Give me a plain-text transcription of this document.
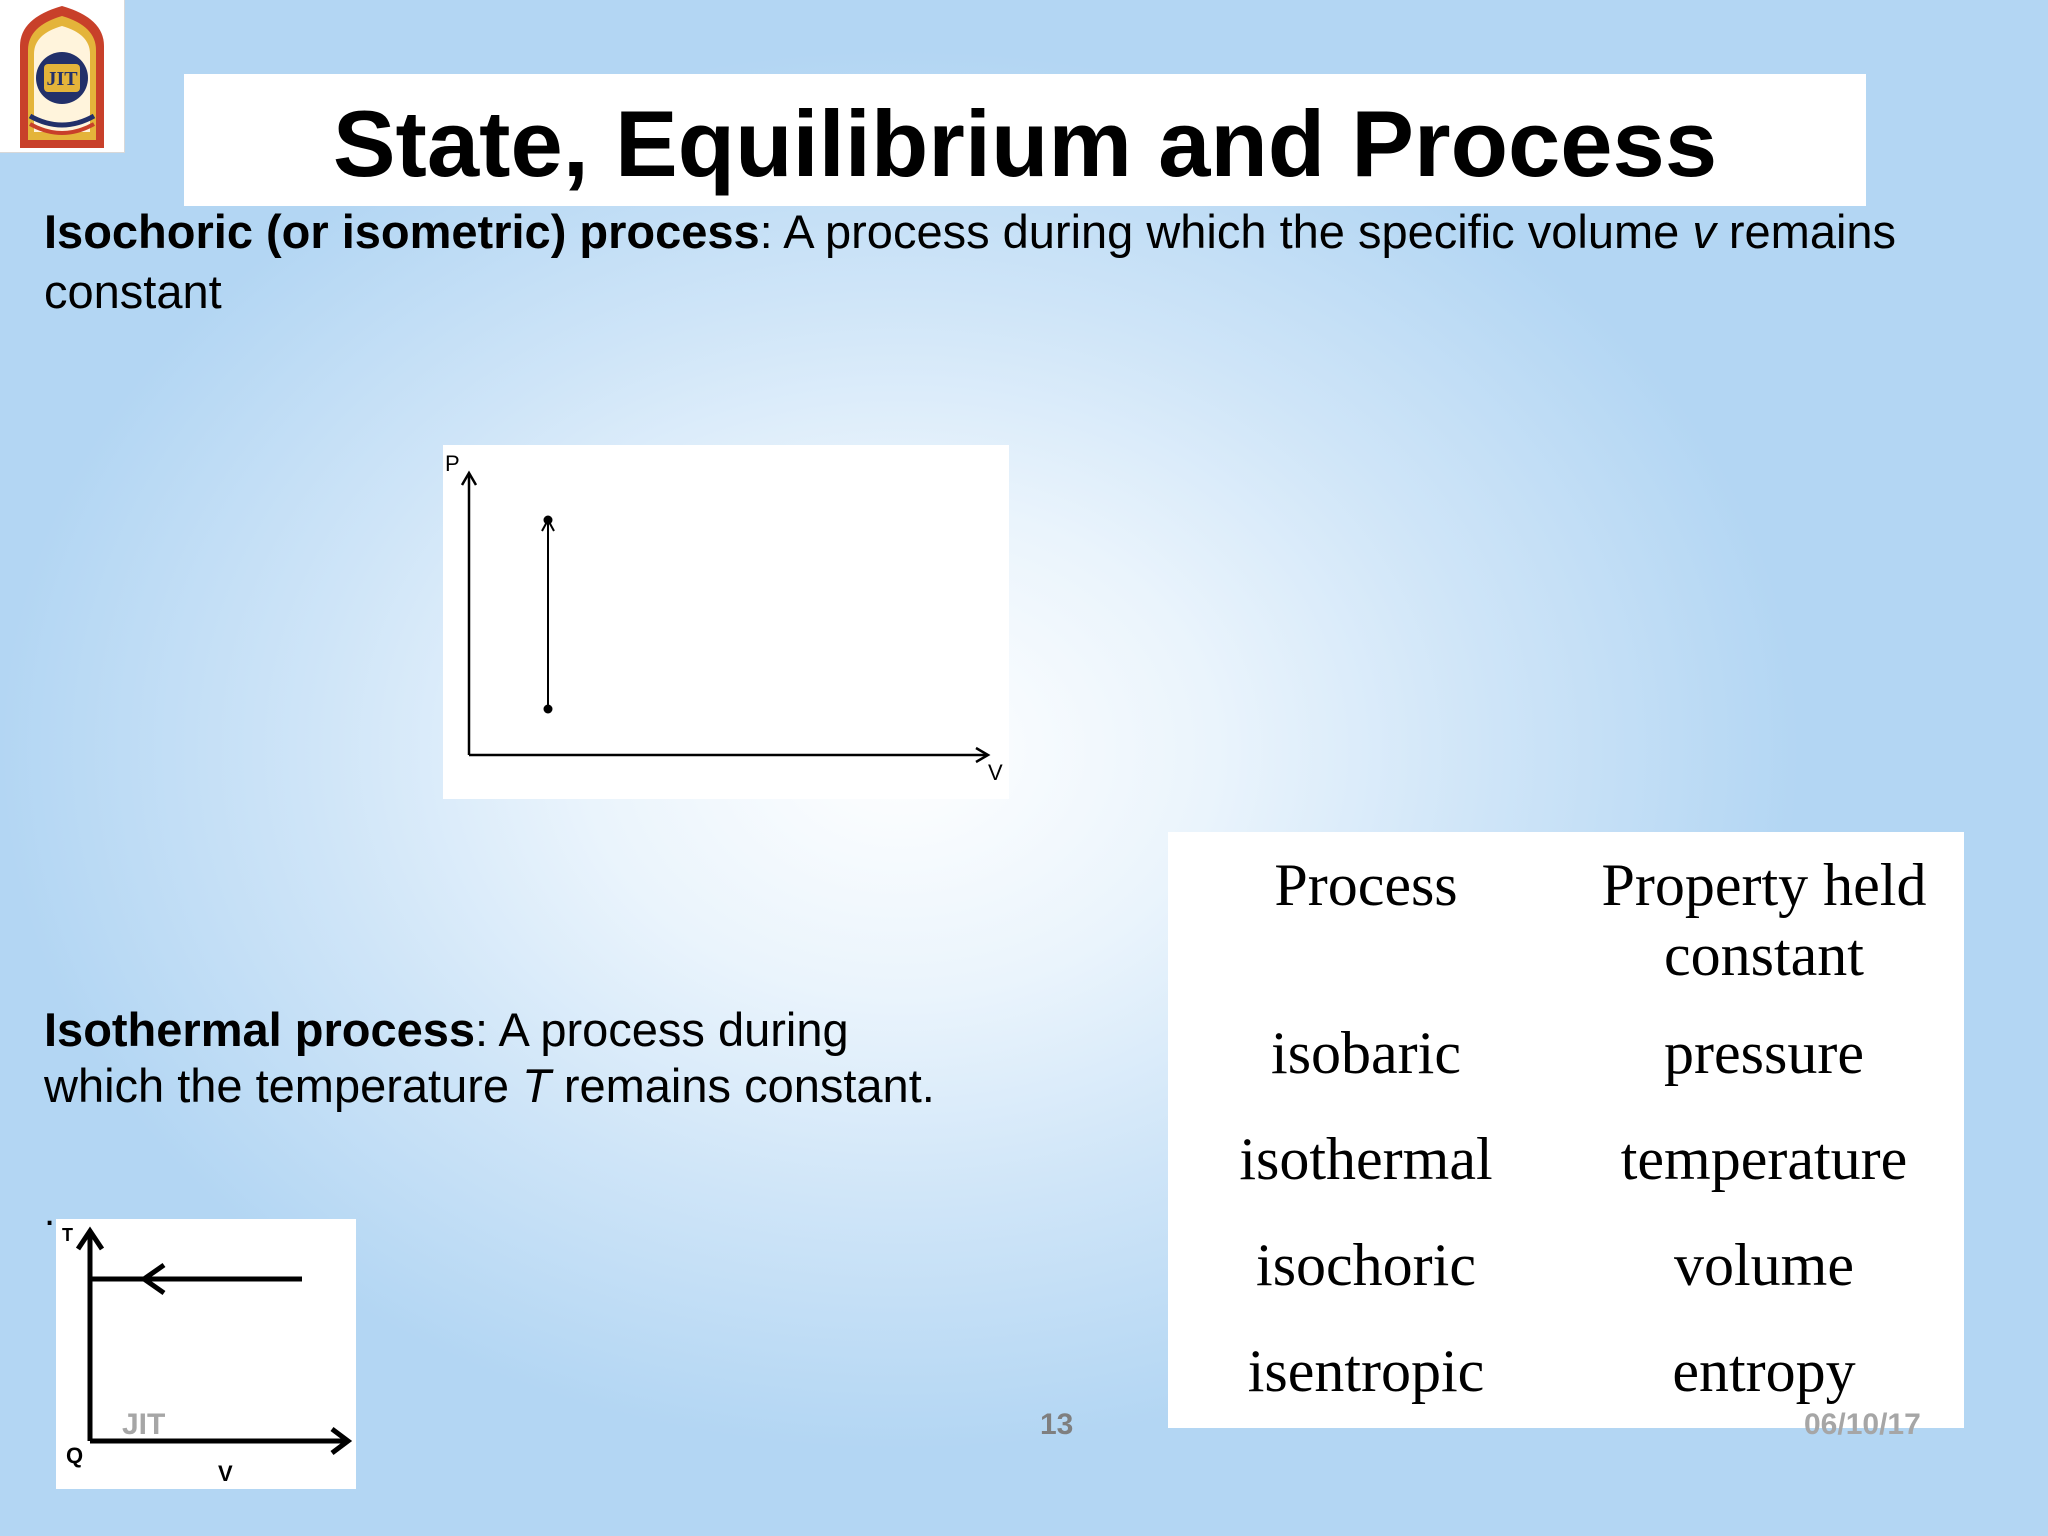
JIT
State, Equilibrium and Process
Isochoric (or isometric) process: A process during which the specific volume v remains constant
P
V
Isothermal process: A process during which the temperature T remains constant.
.
T
Q
V
Process	Property held constant
isobaric	pressure
isothermal	temperature
isochoric	volume
isentropic	entropy
JIT	13	06/10/17
